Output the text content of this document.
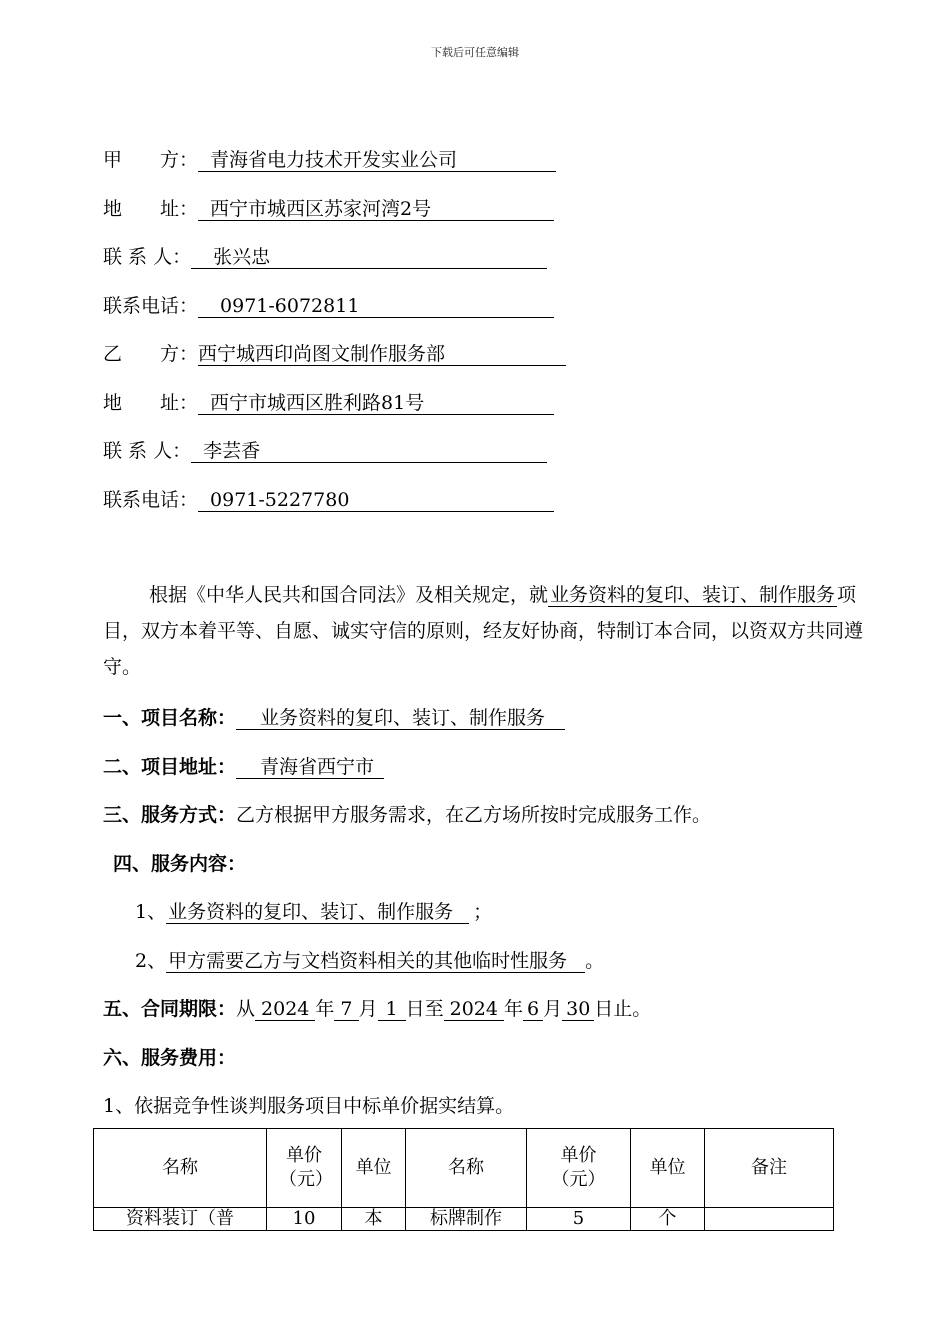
下载后可任意编辑
甲　　方： 青海省电力技术开发实业公司
地　　址： 西宁市城西区苏家河湾2号
联 系 人： 张兴忠
联系电话： 0971-6072811
乙　　方：西宁城西印尚图文制作服务部
地　　址： 西宁市城西区胜利路81号
联 系 人： 李芸香
联系电话： 0971-5227780
根据《中华人民共和国合同法》及相关规定，就 业务资料的复印、装订、制作服务 项目，双方本着平等、自愿、诚实守信的原则，经友好协商，特制订本合同，以资双方共同遵守。
一、项目名称： 业务资料的复印、装订、制作服务
二、项目地址： 青海省西宁市
三、服务方式：乙方根据甲方服务需求，在乙方场所按时完成服务工作。
四、服务内容：
1、 业务资料的复印、装订、制作服务 ；
2、 甲方需要乙方与文档资料相关的其他临时性服务 。
五、合同期限：从 2024 年 7 月 1 日至 2024 年 6 月 30 日止。
六、服务费用：
1、依据竞争性谈判服务项目中标单价据实结算。
名称	单价（元）	单位	名称	单价（元）	单位	备注
资料装订（普	10	本	标牌制作	5	个	
